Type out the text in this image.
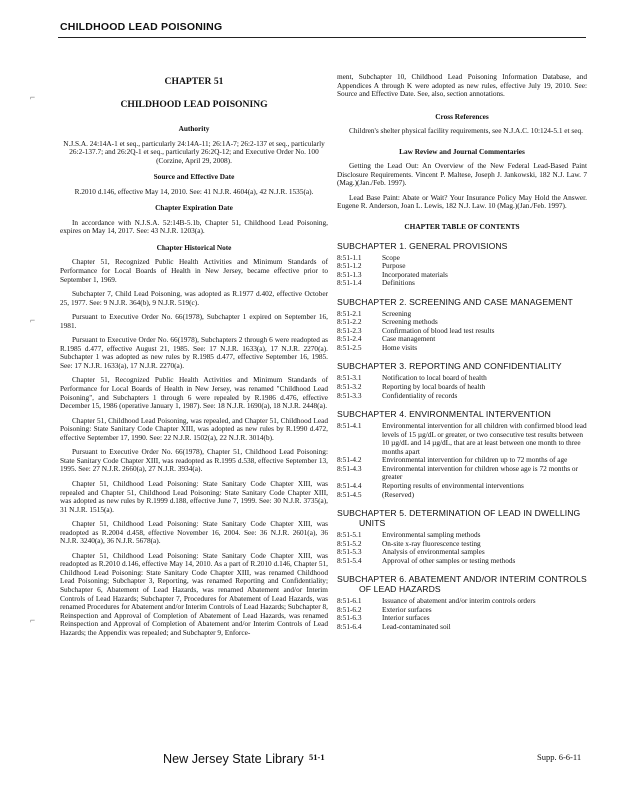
CHILDHOOD LEAD POISONING
⌐
⌐
⌐
CHAPTER 51
CHILDHOOD LEAD POISONING
Authority

N.J.S.A. 24:14A-1 et seq., particularly 24:14A-11; 26:1A-7; 26:2-137 et seq., particularly 26:2-137.7; and 26:2Q-1 et seq., particularly 26:2Q-12; and Executive Order No. 100 (Corzine, April 29, 2008).

Source and Effective Date

R.2010 d.146, effective May 14, 2010. See: 41 N.J.R. 4604(a), 42 N.J.R. 1535(a).

Chapter Expiration Date

In accordance with N.J.S.A. 52:14B-5.1b, Chapter 51, Childhood Lead Poisoning, expires on May 14, 2017. See: 43 N.J.R. 1203(a).

Chapter Historical Note

Chapter 51, Recognized Public Health Activities and Minimum Standards of Performance for Local Boards of Health in New Jersey, became effective prior to September 1, 1969.

Subchapter 7, Child Lead Poisoning, was adopted as R.1977 d.402, effective October 25, 1977. See: 9 N.J.R. 364(b), 9 N.J.R. 519(c).

Pursuant to Executive Order No. 66(1978), Subchapter 1 expired on September 16, 1981.

Pursuant to Executive Order No. 66(1978), Subchapters 2 through 6 were readopted as R.1985 d.477, effective August 21, 1985. See: 17 N.J.R. 1633(a), 17 N.J.R. 2270(a). Subchapter 1 was adopted as new rules by R.1985 d.477, effective September 16, 1985. See: 17 N.J.R. 1633(a), 17 N.J.R. 2270(a).

Chapter 51, Recognized Public Health Activities and Minimum Standards of Performance for Local Boards of Health in New Jersey, was renamed "Childhood Lead Poisoning", and Subchapters 1 through 6 were repealed by R.1986 d.476, effective December 15, 1986 (operative January 1, 1987). See: 18 N.J.R. 1690(a), 18 N.J.R. 2448(a).

Chapter 51, Childhood Lead Poisoning, was repealed, and Chapter 51, Childhood Lead Poisoning: State Sanitary Code Chapter XIII, was adopted as new rules by R.1990 d.472, effective September 17, 1990. See: 22 N.J.R. 1502(a), 22 N.J.R. 3014(b).

Pursuant to Executive Order No. 66(1978), Chapter 51, Childhood Lead Poisoning: State Sanitary Code Chapter XIII, was readopted as R.1995 d.538, effective September 13, 1995. See: 27 N.J.R. 2660(a), 27 N.J.R. 3934(a).

Chapter 51, Childhood Lead Poisoning: State Sanitary Code Chapter XIII, was repealed and Chapter 51, Childhood Lead Poisoning: State Sanitary Code Chapter XIII, was adopted as new rules by R.1999 d.188, effective June 7, 1999. See: 30 N.J.R. 3735(a), 31 N.J.R. 1515(a).

Chapter 51, Childhood Lead Poisoning: State Sanitary Code Chapter XIII, was readopted as R.2004 d.458, effective November 16, 2004. See: 36 N.J.R. 2601(a), 36 N.J.R. 3240(a), 36 N.J.R. 5678(a).

Chapter 51, Childhood Lead Poisoning: State Sanitary Code Chapter XIII, was readopted as R.2010 d.146, effective May 14, 2010. As a part of R.2010 d.146, Chapter 51, Childhood Lead Poisoning: State Sanitary Code Chapter XIII, was renamed Childhood Lead Poisoning; Subchapter 3, Reporting, was renamed Reporting and Confidentiality; Subchapter 6, Abatement of Lead Hazards, was renamed Abatement and/or Interim Controls of Lead Hazards; Subchapter 7, Procedures for Abatement of Lead Hazards, was renamed Procedures for Abatement and/or Interim Controls of Lead Hazards; Subchapter 8, Reinspection and Approval of Completion of Abatement of Lead Hazards, was renamed Reinspection and Approval of Completion of Abatement and/or Interim Controls of Lead Hazards; the Appendix was repealed; and Subchapter 9, Enforce-

ment, Subchapter 10, Childhood Lead Poisoning Information Database, and Appendices A through K were adopted as new rules, effective July 19, 2010. See: Source and Effective Date. See, also, section annotations.

Cross References

Children's shelter physical facility requirements, see N.J.A.C. 10:124-5.1 et seq.

Law Review and Journal Commentaries

Getting the Lead Out: An Overview of the New Federal Lead-Based Paint Disclosure Requirements. Vincent P. Maltese, Joseph J. Jankowski, 182 N.J. Law. 7 (Mag.)(Jan./Feb. 1997).

Lead Base Paint: Abate or Wait? Your Insurance Policy May Hold the Answer. Eugene R. Anderson, Joan L. Lewis, 182 N.J. Law. 10 (Mag.)(Jan./Feb. 1997).

CHAPTER TABLE OF CONTENTS
SUBCHAPTER 1. GENERAL PROVISIONS
8:51-1.1	Scope
8:51-1.2	Purpose
8:51-1.3	Incorporated materials
8:51-1.4	Definitions
SUBCHAPTER 2. SCREENING AND CASE MANAGEMENT
8:51-2.1	Screening
8:51-2.2	Screening methods
8:51-2.3	Confirmation of blood lead test results
8:51-2.4	Case management
8:51-2.5	Home visits
SUBCHAPTER 3. REPORTING AND CONFIDENTIALITY
8:51-3.1	Notification to local board of health
8:51-3.2	Reporting by local boards of health
8:51-3.3	Confidentiality of records
SUBCHAPTER 4. ENVIRONMENTAL INTERVENTION
8:51-4.1	Environmental intervention for all children with confirmed blood lead levels of 15 µg/dL or greater, or two consecutive test results between 10 µg/dL and 14 µg/dL, that are at least between one month to three months apart
8:51-4.2	Environmental intervention for children up to 72 months of age
8:51-4.3	Environmental intervention for children whose age is 72 months or greater
8:51-4.4	Reporting results of environmental interventions
8:51-4.5	(Reserved)
SUBCHAPTER 5. DETERMINATION OF LEAD IN DWELLING UNITS
8:51-5.1	Environmental sampling methods
8:51-5.2	On-site x-ray fluorescence testing
8:51-5.3	Analysis of environmental samples
8:51-5.4	Approval of other samples or testing methods
SUBCHAPTER 6. ABATEMENT AND/OR INTERIM CONTROLS OF LEAD HAZARDS
8:51-6.1	Issuance of abatement and/or interim controls orders
8:51-6.2	Exterior surfaces
8:51-6.3	Interior surfaces
8:51-6.4	Lead-contaminated soil
New Jersey State Library 51-1	Supp. 6-6-11
